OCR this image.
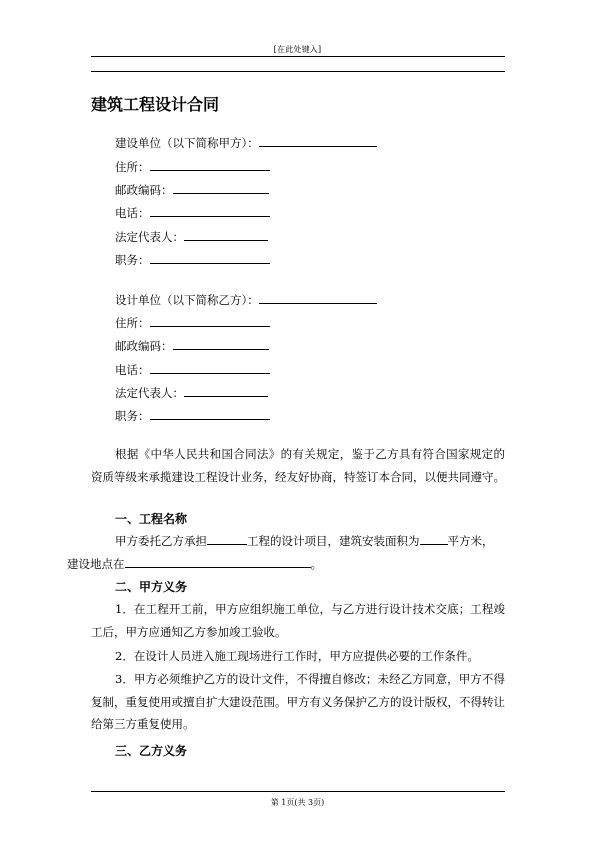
[在此处键入]
建筑工程设计合同
建设单位（以下简称甲方）：
住所：
邮政编码：
电话：
法定代表人：
职务：
设计单位（以下简称乙方）：
住所：
邮政编码：
电话：
法定代表人：
职务：
根据《中华人民共和国合同法》的有关规定，鉴于乙方具有符合国家规定的资质等级来承揽建设工程设计业务，经友好协商，特签订本合同，以便共同遵守。
一、工程名称
甲方委托乙方承担	工程的设计项目，建筑安装面积为 平方米，
建设地点在	。
二、甲方义务
1．在工程开工前，甲方应组织施工单位，与乙方进行设计技术交底；工程竣工后，甲方应通知乙方参加竣工验收。
2．在设计人员进入施工现场进行工作时，甲方应提供必要的工作条件。
3．甲方必须维护乙方的设计文件，不得擅自修改；未经乙方同意，甲方不得复制，重复使用或擅自扩大建设范围。甲方有义务保护乙方的设计版权，不得转让给第三方重复使用。
三、乙方义务
第 1页(共 3页)
